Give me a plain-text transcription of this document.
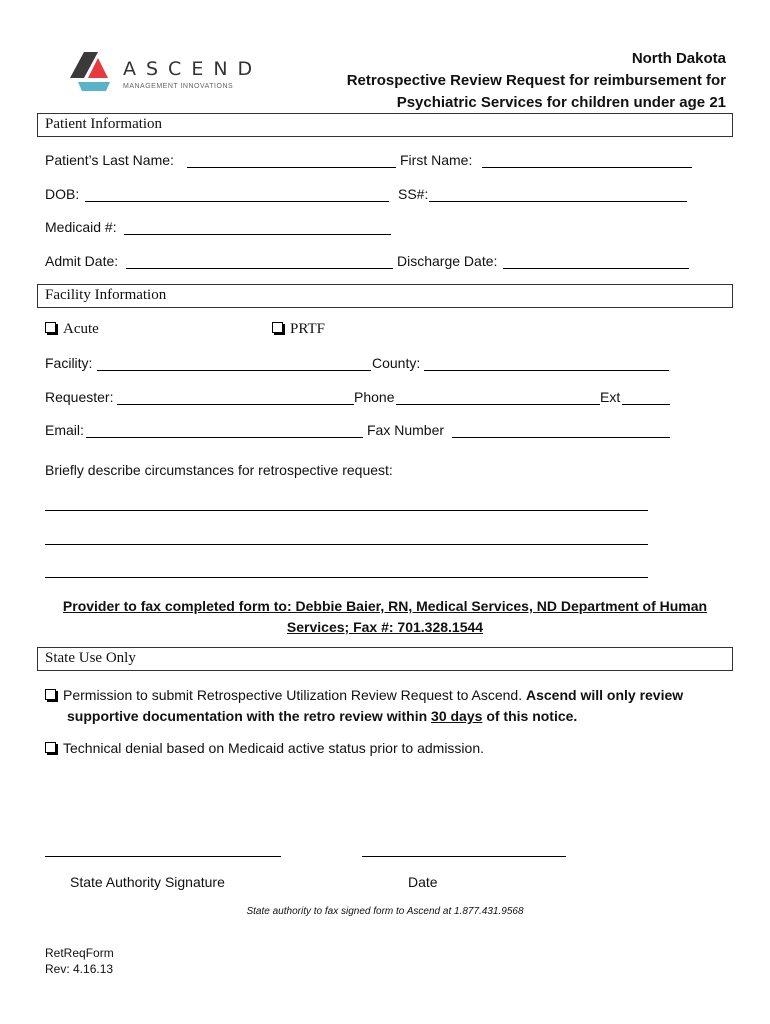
ASCEND
MANAGEMENT INNOVATIONS
North Dakota
Retrospective Review Request for reimbursement for
Psychiatric Services for children under age 21
Patient Information
Patient’s Last Name:	First Name:
DOB:	SS#:
Medicaid #:
Admit Date:	Discharge Date:
Facility Information
Acute	PRTF
Facility:	County:
Requester:	Phone	Ext
Email:	Fax Number
Briefly describe circumstances for retrospective request:
Provider to fax completed form to: Debbie Baier, RN, Medical Services, ND Department of Human
Services; Fax #: 701.328.1544
State Use Only
Permission to submit Retrospective Utilization Review Request to Ascend. Ascend will only review
supportive documentation with the retro review within 30 days of this notice.
Technical denial based on Medicaid active status prior to admission.
State Authority Signature	Date
State authority to fax signed form to Ascend at 1.877.431.9568
RetReqForm
Rev: 4.16.13
